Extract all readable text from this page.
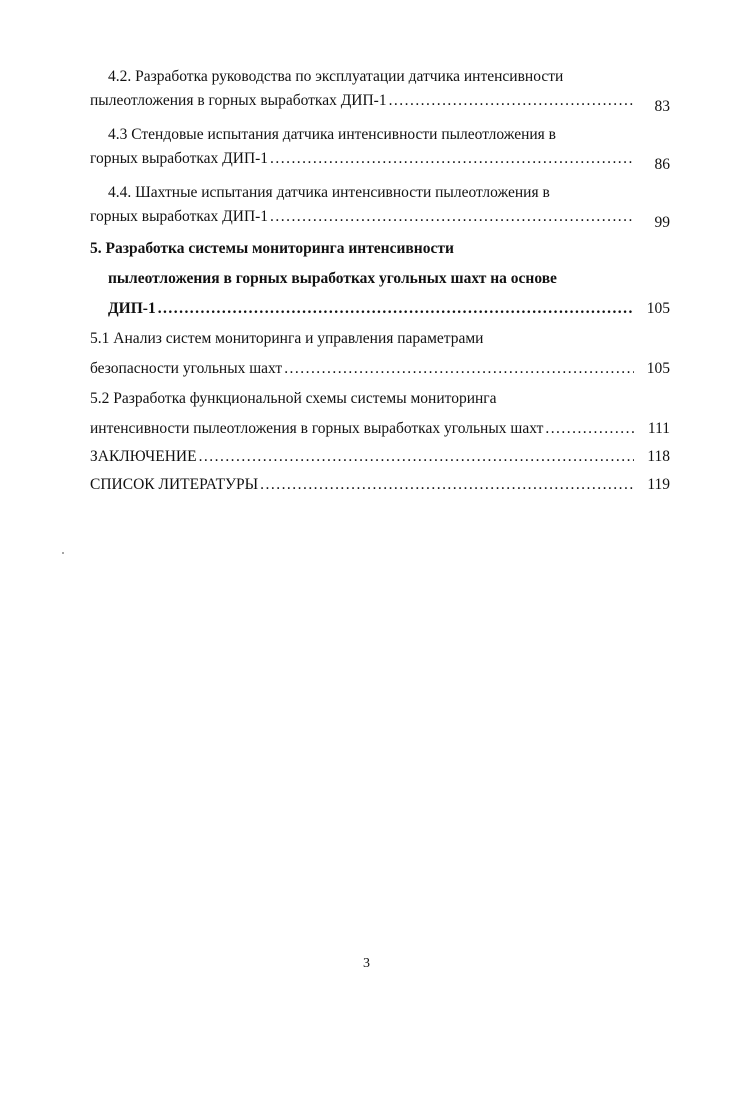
4.2. Разработка руководства по эксплуатации датчика интенсивности
пылеотложения в горных выработках ДИП-1 . . .	83
4.3 Стендовые испытания датчика интенсивности пылеотложения в
горных выработках ДИП-1 . . .	86
4.4. Шахтные испытания датчика интенсивности пылеотложения в
горных выработках ДИП-1 . . .	99
5. Разработка системы мониторинга интенсивности
пылеотложения в горных выработках угольных шахт на основе
ДИП-1 . . .	105
5.1 Анализ систем мониторинга и управления параметрами
безопасности угольных шахт . . .	105
5.2 Разработка функциональной схемы системы мониторинга
интенсивности пылеотложения в горных выработках угольных шахт . . .	111
ЗАКЛЮЧЕНИЕ . . .	118
СПИСОК ЛИТЕРАТУРЫ . . .	119
3
